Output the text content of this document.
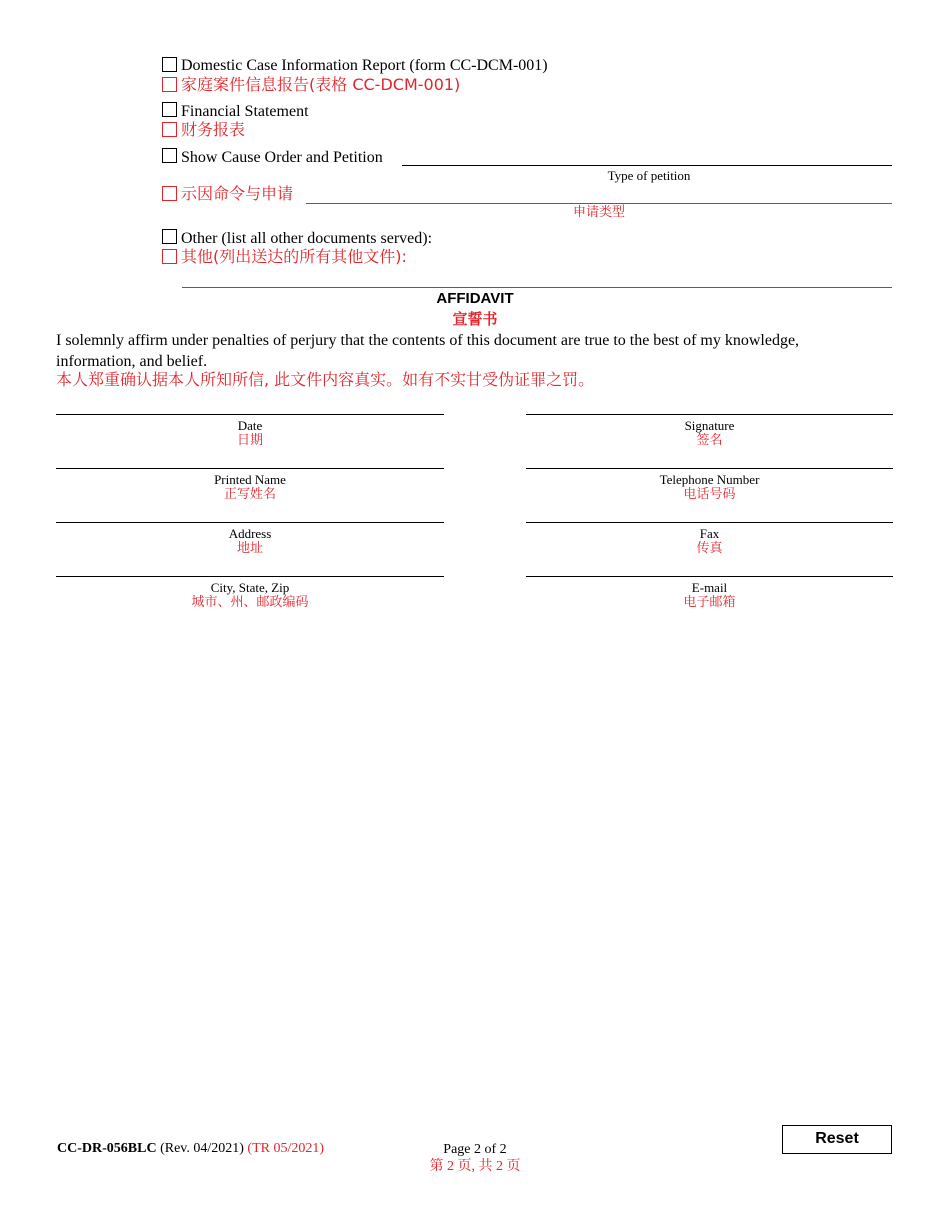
Domestic Case Information Report (form CC-DCM-001)
家庭案件信息报告(表格 CC-DCM-001)
Financial Statement
财务报表
Show Cause Order and Petition
Type of petition
示因命令与申请
申请类型
Other (list all other documents served):
其他(列出送达的所有其他文件):
AFFIDAVIT
宣誓书
I solemnly affirm under penalties of perjury that the contents of this document are true to the best of my knowledge,
information, and belief.
本人郑重确认据本人所知所信, 此文件内容真实。如有不实甘受伪证罪之罚。
Date
日期
Printed Name
正写姓名
Address
地址
City, State, Zip
城市、州、邮政编码
Signature
签名
Telephone Number
电话号码
Fax
传真
E-mail
电子邮箱
CC-DR-056BLC (Rev. 04/2021) (TR 05/2021)	Page 2 of 2
第 2 页, 共 2 页
Reset
